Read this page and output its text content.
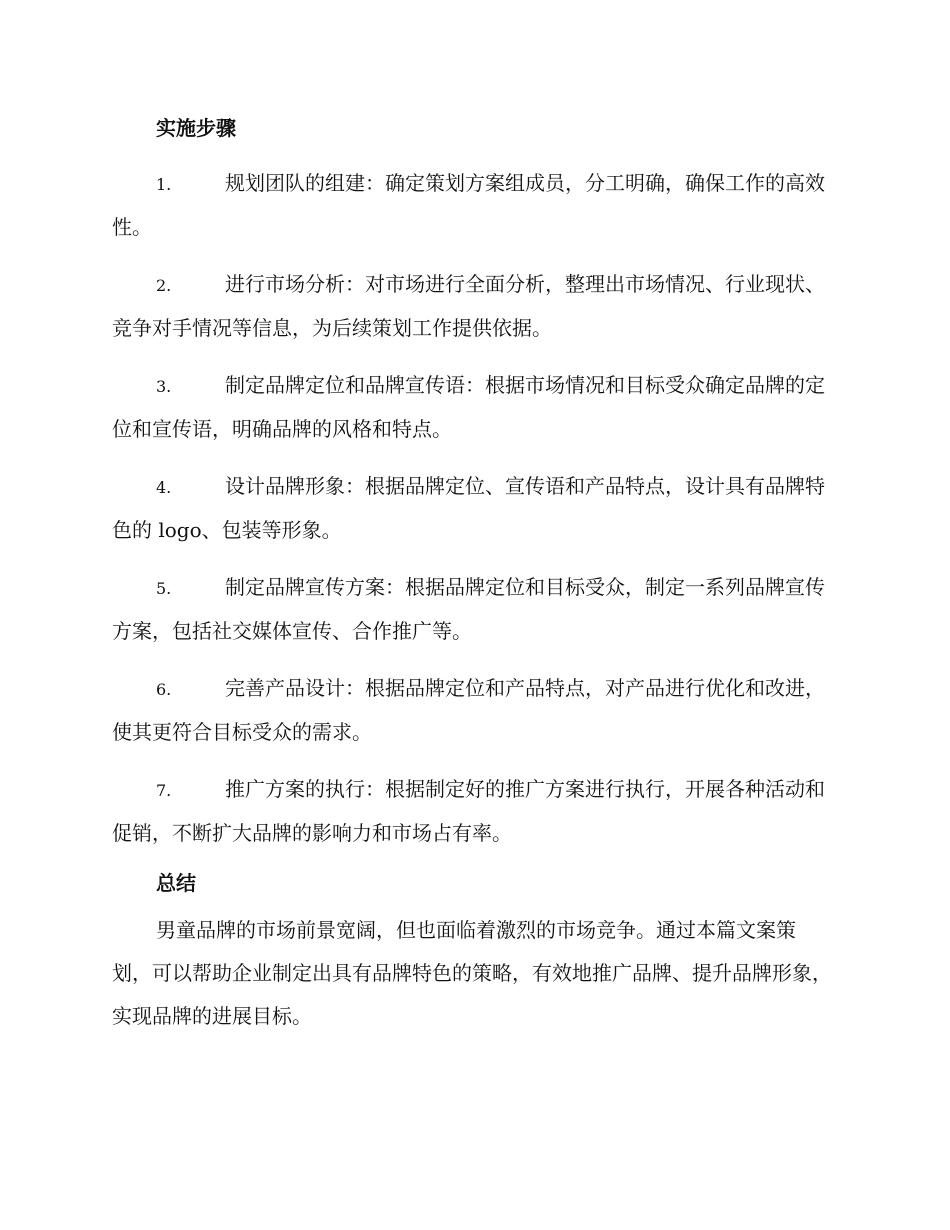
实施步骤
1.	规划团队的组建：确定策划方案组成员，分工明确，确保工作的高效性。
2.	进行市场分析：对市场进行全面分析，整理出市场情况、行业现状、竞争对手情况等信息，为后续策划工作提供依据。
3.	制定品牌定位和品牌宣传语：根据市场情况和目标受众确定品牌的定位和宣传语，明确品牌的风格和特点。
4.	设计品牌形象：根据品牌定位、宣传语和产品特点，设计具有品牌特色的 logo、包装等形象。
5.	制定品牌宣传方案：根据品牌定位和目标受众，制定一系列品牌宣传方案，包括社交媒体宣传、合作推广等。
6.	完善产品设计：根据品牌定位和产品特点，对产品进行优化和改进，使其更符合目标受众的需求。
7.	推广方案的执行：根据制定好的推广方案进行执行，开展各种活动和促销，不断扩大品牌的影响力和市场占有率。
总结

男童品牌的市场前景宽阔，但也面临着激烈的市场竞争。通过本篇文案策划，可以帮助企业制定出具有品牌特色的策略，有效地推广品牌、提升品牌形象，实现品牌的进展目标。
